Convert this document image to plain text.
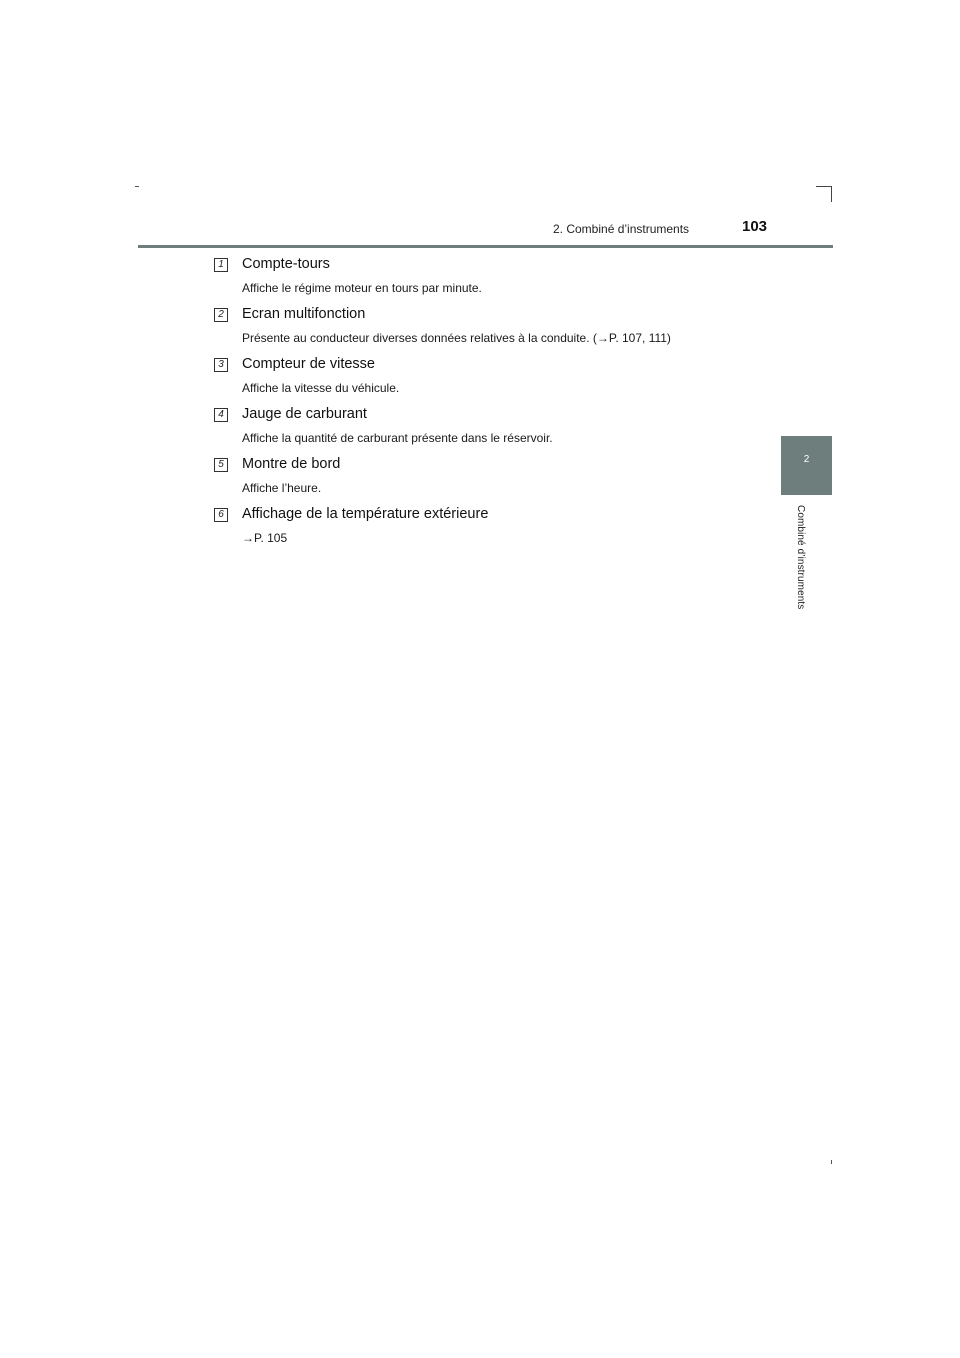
2. Combiné d’instruments	103
2
Combiné d’instruments
1 Compte-tours
Affiche le régime moteur en tours par minute.
2 Ecran multifonction
Présente au conducteur diverses données relatives à la conduite. (→P. 107, 111)
3 Compteur de vitesse
Affiche la vitesse du véhicule.
4 Jauge de carburant
Affiche la quantité de carburant présente dans le réservoir.
5 Montre de bord
Affiche l’heure.
6 Affichage de la température extérieure
→P. 105
